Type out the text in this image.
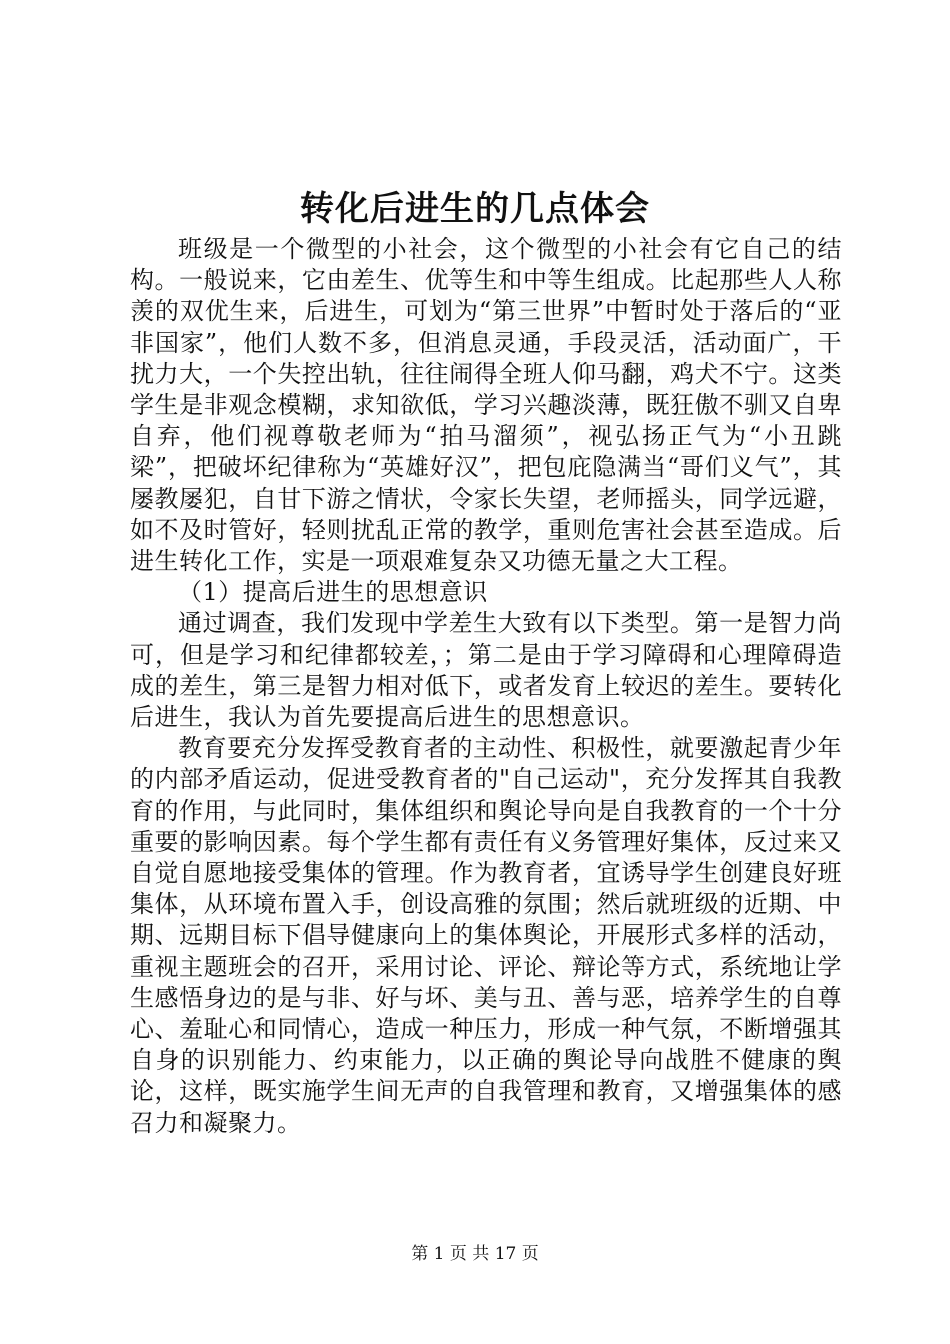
转化后进生的几点体会

班级是一个微型的小社会，这个微型的小社会有它自己的结构。一般说来，它由差生、优等生和中等生组成。比起那些人人称羡的双优生来，后进生，可划为“第三世界”中暂时处于落后的“亚非国家”，他们人数不多，但消息灵通，手段灵活，活动面广，干扰力大，一个失控出轨，往往闹得全班人仰马翻，鸡犬不宁。这类学生是非观念模糊，求知欲低，学习兴趣淡薄，既狂傲不驯又自卑自弃，他们视尊敬老师为“拍马溜须”，视弘扬正气为“小丑跳梁”，把破坏纪律称为“英雄好汉”，把包庇隐满当“哥们义气”，其屡教屡犯，自甘下游之情状，令家长失望，老师摇头，同学远避，如不及时管好，轻则扰乱正常的教学，重则危害社会甚至造成。后进生转化工作，实是一项艰难复杂又功德无量之大工程。

（1）提高后进生的思想意识

通过调查，我们发现中学差生大致有以下类型。第一是智力尚可，但是学习和纪律都较差，；第二是由于学习障碍和心理障碍造成的差生，第三是智力相对低下，或者发育上较迟的差生。要转化后进生，我认为首先要提高后进生的思想意识。

教育要充分发挥受教育者的主动性、积极性，就要激起青少年的内部矛盾运动，促进受教育者的"自己运动"，充分发挥其自我教育的作用，与此同时，集体组织和舆论导向是自我教育的一个十分重要的影响因素。每个学生都有责任有义务管理好集体，反过来又自觉自愿地接受集体的管理。作为教育者，宜诱导学生创建良好班集体，从环境布置入手，创设高雅的氛围；然后就班级的近期、中期、远期目标下倡导健康向上的集体舆论，开展形式多样的活动，重视主题班会的召开，采用讨论、评论、辩论等方式，系统地让学生感悟身边的是与非、好与坏、美与丑、善与恶，培养学生的自尊心、羞耻心和同情心，造成一种压力，形成一种气氛，不断增强其自身的识别能力、约束能力，以正确的舆论导向战胜不健康的舆论，这样，既实施学生间无声的自我管理和教育，又增强集体的感召力和凝聚力。

第 1 页 共 17 页
